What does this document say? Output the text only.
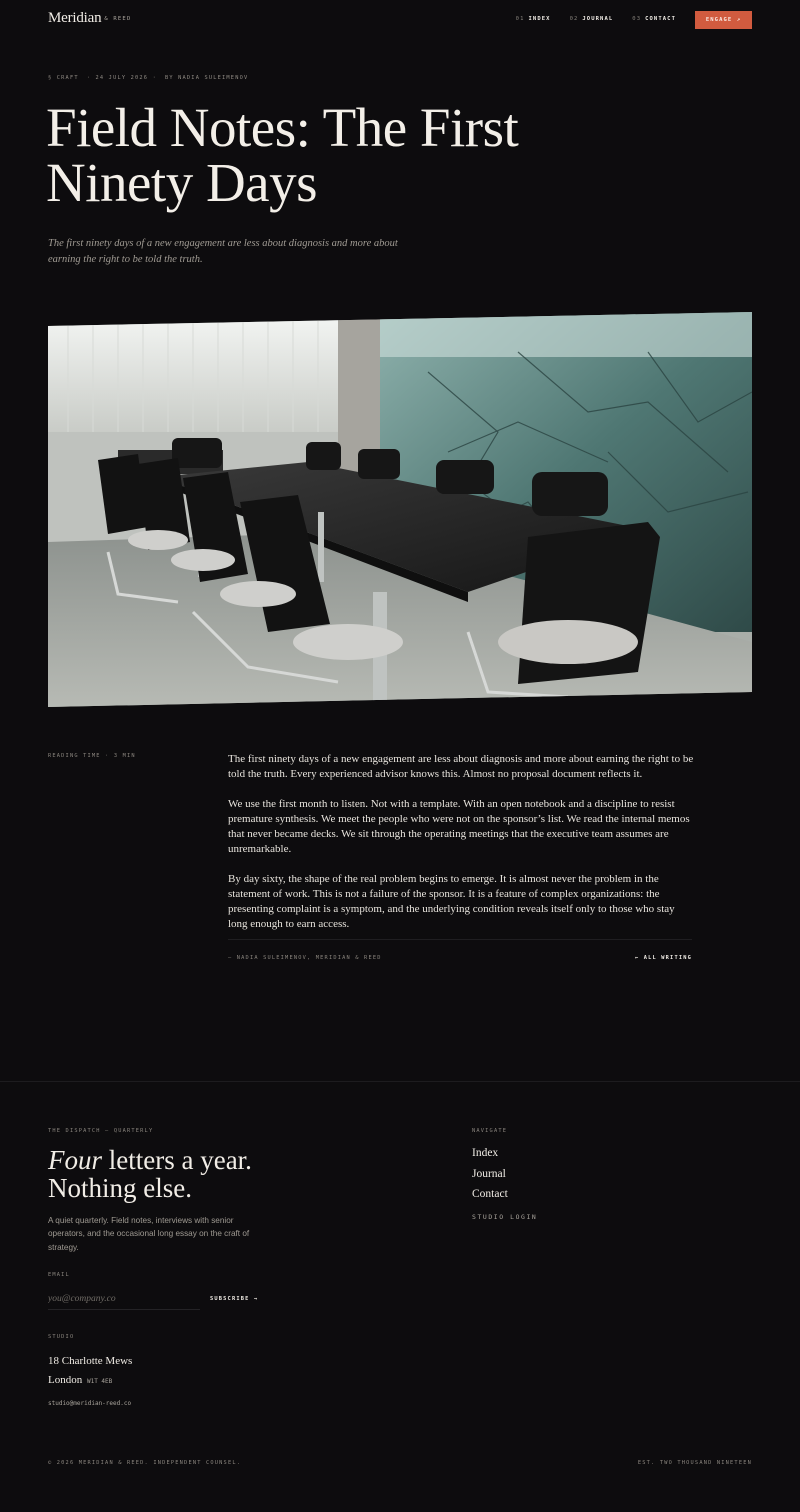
Meridian & REED	01 INDEX	02 JOURNAL	03 CONTACT	ENGAGE ↗
§ CRAFT · 24 JULY 2026 · BY NADIA SULEIMENOV
Field Notes: The First Ninety Days

The first ninety days of a new engagement are less about diagnosis and more about earning the right to be told the truth.

READING TIME · 3 MIN	The first ninety days of a new engagement are less about diagnosis and more about earning the right to be told the truth. Every experienced advisor knows this. Almost no proposal document reflects it.

We use the first month to listen. Not with a template. With an open notebook and a discipline to resist premature synthesis. We meet the people who were not on the sponsor’s list. We read the internal memos that never became decks. We sit through the operating meetings that the executive team assumes are unremarkable.

By day sixty, the shape of the real problem begins to emerge. It is almost never the problem in the statement of work. This is not a failure of the sponsor. It is a feature of complex organizations: the presenting complaint is a symptom, and the underlying condition reveals itself only to those who stay long enough to earn access.

— NADIA SULEIMENOV, MERIDIAN & REED	← ALL WRITING
THE DISPATCH — QUARTERLY
Four letters a year.
Nothing else.

A quiet quarterly. Field notes, interviews with senior operators, and the occasional long essay on the craft of strategy.

EMAIL
you@company.co
SUBSCRIBE →
STUDIO
18 Charlotte Mews
London W1T 4EB
studio@meridian-reed.co
NAVIGATE
Index
Journal
Contact
STUDIO LOGIN
© 2026 MERIDIAN & REED. INDEPENDENT COUNSEL.	EST. TWO THOUSAND NINETEEN
